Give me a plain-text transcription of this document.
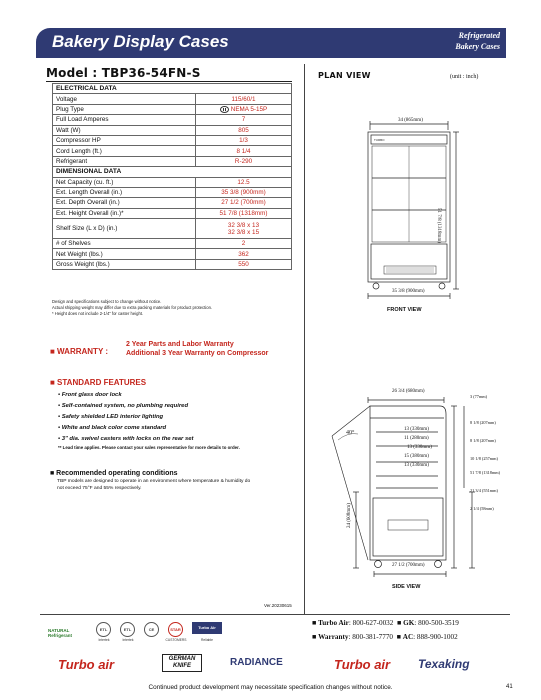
Bakery Display Cases	Refrigerated
Bakery Cases
Model : TBP36-54FN-S
ELECTRICAL DATA	
Voltage	115/60/1
Plug Type	NEMA 5-15P
Full Load Amperes	7
Watt (W)	805
Compressor HP	1/3
Cord Length (ft.)	8 1/4
Refrigerant	R-290
DIMENSIONAL DATA	
Net Capacity (cu. ft.)	12.5
Ext. Length Overall (in.)	35 3/8 (900mm)
Ext. Depth Overall (in.)	27 1/2 (700mm)
Ext. Height Overall (in.)*	51 7/8 (1318mm)
Shelf Size (L x D) (in.)	32 3/8 x 13
32 3/8 x 15

# of Shelves	2
Net Weight (lbs.)	362
Gross Weight (lbs.)	550
Design and specifications subject to change without notice.
Actual shipping weight may differ due to extra packing materials for product protection.
* Height does not include 2-1/4" for caster height.
■ WARRANTY :
2 Year Parts and Labor Warranty
Additional 3 Year Warranty on Compressor
■ STANDARD FEATURES
• Front glass door lock
• Self-contained system, no plumbing required
• Safety shielded LED interior lighting
• White and black color come standard
• 3" dia. swivel casters with locks on the rear set
** Lead time applies. Please contact your sales representative for more details to order.
■ Recommended operating conditions
TBP models are designed to operate in an environment where temperature & humidity do not exceed 75°F and 55% respectively.
Ver.20230615
PLAN VIEW	(unit : inch)
TURBO
34 (865mm)
51 7/8 (1318mm)
35 3/8 (900mm)
FRONT VIEW
40°
26 3/4 (680mm)
13 (330mm)
11 (280mm)
13 (330mm)
15 (380mm)
13 (330mm)
3 (77mm)
8 1/8 (207mm)
8 1/8 (207mm)
10 1/8 (257mm)
51 7/8 (1318mm)
21 3/4 (551mm)
2 1/4 (58mm)
24 (608mm)
27 1/2 (700mm)
SIDE VIEW
NATURAL Refrigerant
ETL
Intertek
ETL
Intertek
CE	STAR
CUSTOMERS
Turbo Air
Reliable
■ Turbo Air: 800-627-0032 ■ GK: 800-500-3519
■ Warranty: 800-381-7770 ■ AC: 888-900-1002
Turbo air	GERMAN KNIFE	RADIANCE	Turbo air Texaking
Continued product development may necessitate specification changes without notice.	41
